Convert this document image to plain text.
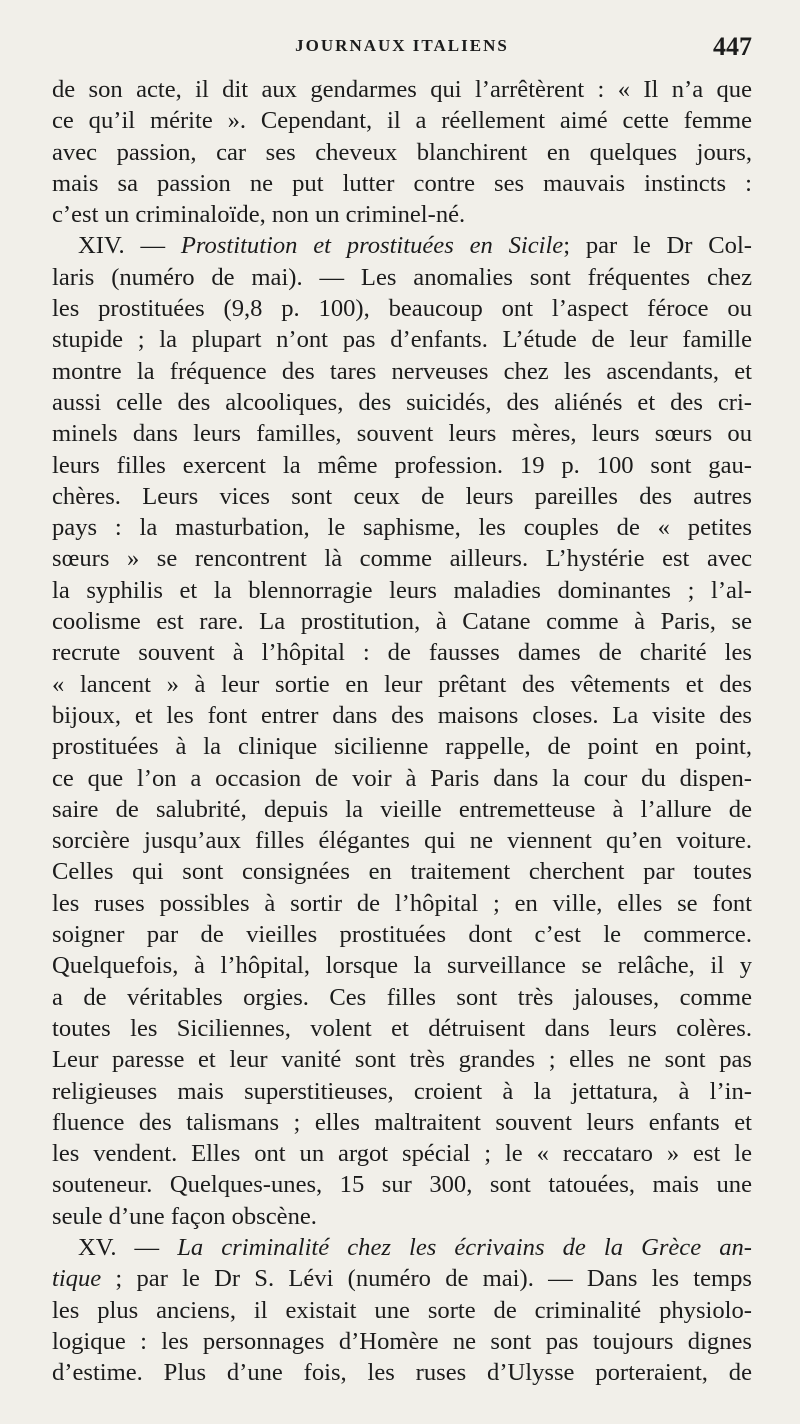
JOURNAUX ITALIENS	447
de son acte, il dit aux gendarmes qui l’arrêtèrent : « Il n’a que
ce qu’il mérite ». Cependant, il a réellement aimé cette femme
avec passion, car ses cheveux blanchirent en quelques jours,
mais sa passion ne put lutter contre ses mauvais instincts :
c’est un criminaloïde, non un criminel-né.
XIV. — Prostitution et prostituées en Sicile; par le Dr Col-
laris (numéro de mai). — Les anomalies sont fréquentes chez
les prostituées (9,8 p. 100), beaucoup ont l’aspect féroce ou
stupide ; la plupart n’ont pas d’enfants. L’étude de leur famille
montre la fréquence des tares nerveuses chez les ascendants, et
aussi celle des alcooliques, des suicidés, des aliénés et des cri-
minels dans leurs familles, souvent leurs mères, leurs sœurs ou
leurs filles exercent la même profession. 19 p. 100 sont gau-
chères. Leurs vices sont ceux de leurs pareilles des autres
pays : la masturbation, le saphisme, les couples de « petites
sœurs » se rencontrent là comme ailleurs. L’hystérie est avec
la syphilis et la blennorragie leurs maladies dominantes ; l’al-
coolisme est rare. La prostitution, à Catane comme à Paris, se
recrute souvent à l’hôpital : de fausses dames de charité les
« lancent » à leur sortie en leur prêtant des vêtements et des
bijoux, et les font entrer dans des maisons closes. La visite des
prostituées à la clinique sicilienne rappelle, de point en point,
ce que l’on a occasion de voir à Paris dans la cour du dispen-
saire de salubrité, depuis la vieille entremetteuse à l’allure de
sorcière jusqu’aux filles élégantes qui ne viennent qu’en voiture.
Celles qui sont consignées en traitement cherchent par toutes
les ruses possibles à sortir de l’hôpital ; en ville, elles se font
soigner par de vieilles prostituées dont c’est le commerce.
Quelquefois, à l’hôpital, lorsque la surveillance se relâche, il y
a de véritables orgies. Ces filles sont très jalouses, comme
toutes les Siciliennes, volent et détruisent dans leurs colères.
Leur paresse et leur vanité sont très grandes ; elles ne sont pas
religieuses mais superstitieuses, croient à la jettatura, à l’in-
fluence des talismans ; elles maltraitent souvent leurs enfants et
les vendent. Elles ont un argot spécial ; le « reccataro » est le
souteneur. Quelques-unes, 15 sur 300, sont tatouées, mais une
seule d’une façon obscène.
XV. — La criminalité chez les écrivains de la Grèce an-
tique ; par le Dr S. Lévi (numéro de mai). — Dans les temps
les plus anciens, il existait une sorte de criminalité physiolo-
logique : les personnages d’Homère ne sont pas toujours dignes
d’estime. Plus d’une fois, les ruses d’Ulysse porteraient, de
